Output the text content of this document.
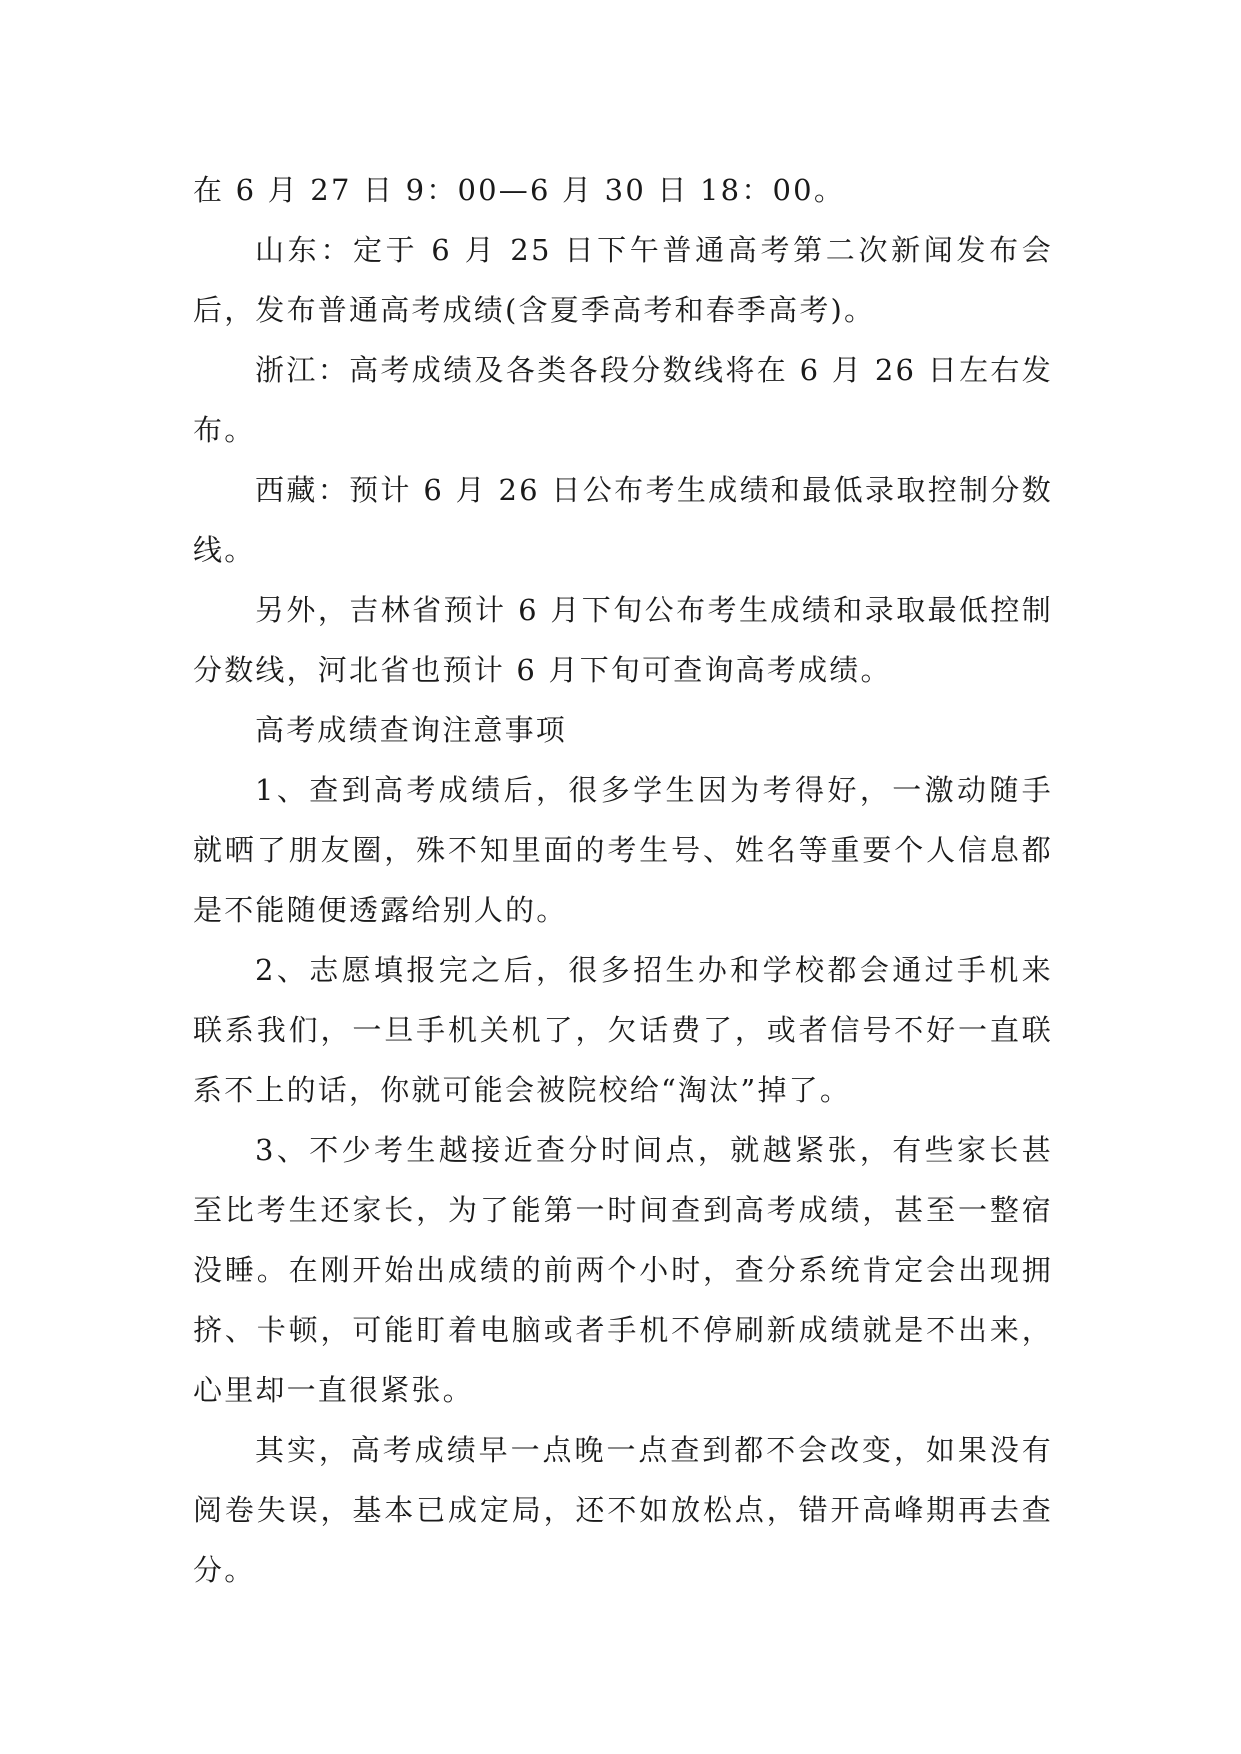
在 6 月 27 日 9：00—6 月 30 日 18：00。

山东：定于 6 月 25 日下午普通高考第二次新闻发布会后，发布普通高考成绩(含夏季高考和春季高考)。

浙江：高考成绩及各类各段分数线将在 6 月 26 日左右发布。

西藏：预计 6 月 26 日公布考生成绩和最低录取控制分数线。

另外，吉林省预计 6 月下旬公布考生成绩和录取最低控制分数线，河北省也预计 6 月下旬可查询高考成绩。

高考成绩查询注意事项

1、查到高考成绩后，很多学生因为考得好，一激动随手就晒了朋友圈，殊不知里面的考生号、姓名等重要个人信息都是不能随便透露给别人的。

2、志愿填报完之后，很多招生办和学校都会通过手机来联系我们，一旦手机关机了，欠话费了，或者信号不好一直联系不上的话，你就可能会被院校给“淘汰”掉了。

3、不少考生越接近查分时间点，就越紧张，有些家长甚至比考生还家长，为了能第一时间查到高考成绩，甚至一整宿没睡。在刚开始出成绩的前两个小时，查分系统肯定会出现拥挤、卡顿，可能盯着电脑或者手机不停刷新成绩就是不出来，心里却一直很紧张。

其实，高考成绩早一点晚一点查到都不会改变，如果没有阅卷失误，基本已成定局，还不如放松点，错开高峰期再去查分。
